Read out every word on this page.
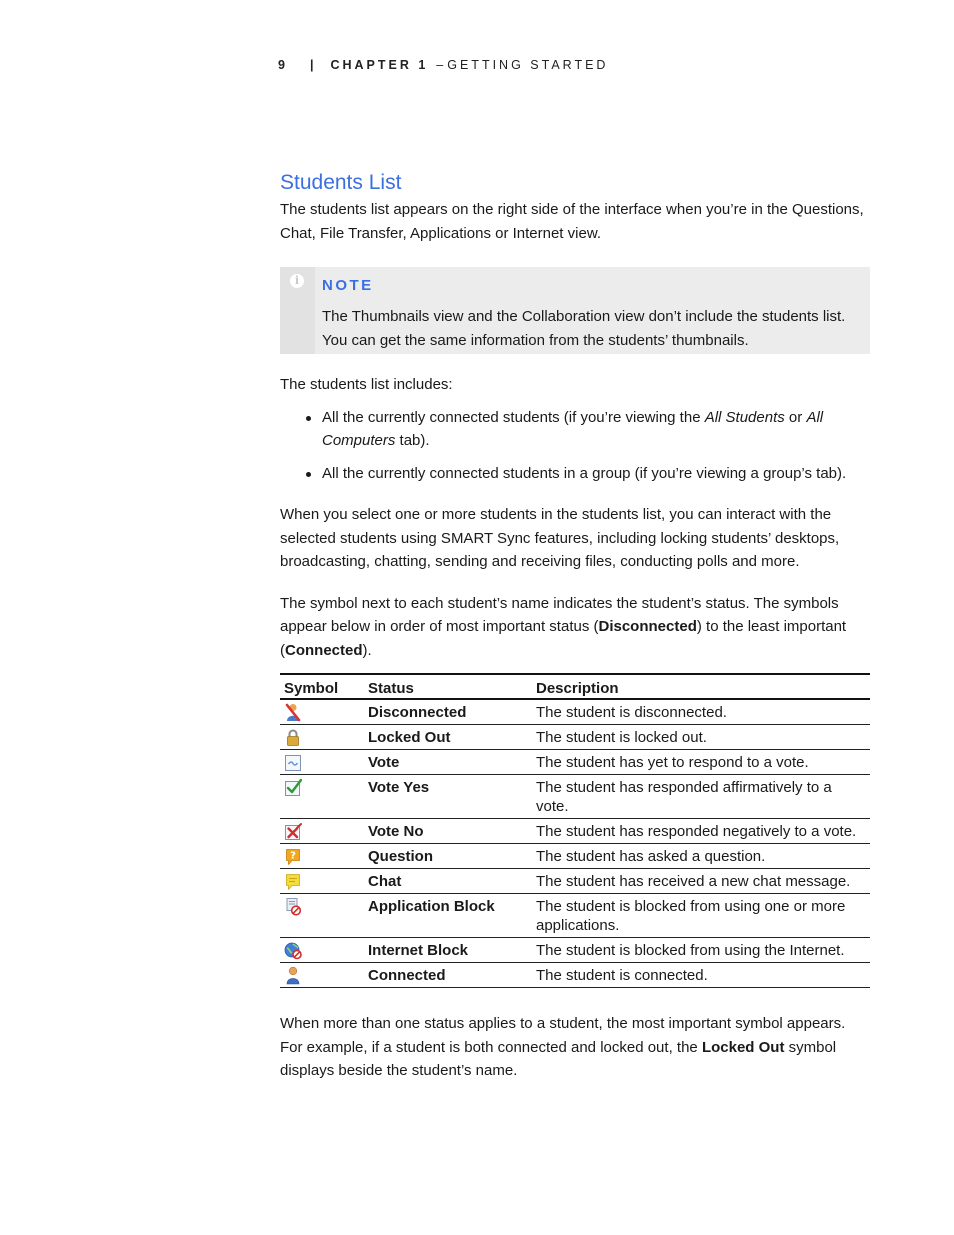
9 | CHAPTER 1 – GETTING STARTED
Students List

The students list appears on the right side of the interface when you’re in the Questions, Chat, File Transfer, Applications or Internet view.

i	NOTE
The Thumbnails view and the Collaboration view don’t include the students list. You can get the same information from the students’ thumbnails.

The students list includes:

All the currently connected students (if you’re viewing the All Students or All Computers tab).
All the currently connected students in a group (if you’re viewing a group’s tab).

When you select one or more students in the students list, you can interact with the selected students using SMART Sync features, including locking students’ desktops, broadcasting, chatting, sending and receiving files, conducting polls and more.

The symbol next to each student’s name indicates the student’s status. The symbols appear below in order of most important status (Disconnected) to the least important (Connected).

Symbol	Status	Description
	Disconnected	The student is disconnected.
	Locked Out	The student is locked out.
	Vote	The student has yet to respond to a vote.
	Vote Yes	The student has responded affirmatively to a vote.
	Vote No	The student has responded negatively to a vote.

?	Question	The student has asked a question.
	Chat	The student has received a new chat message.
	Application Block	The student is blocked from using one or more applications.
	Internet Block	The student is blocked from using the Internet.
	Connected	The student is connected.

When more than one status applies to a student, the most important symbol appears. For example, if a student is both connected and locked out, the Locked Out symbol displays beside the student’s name.
